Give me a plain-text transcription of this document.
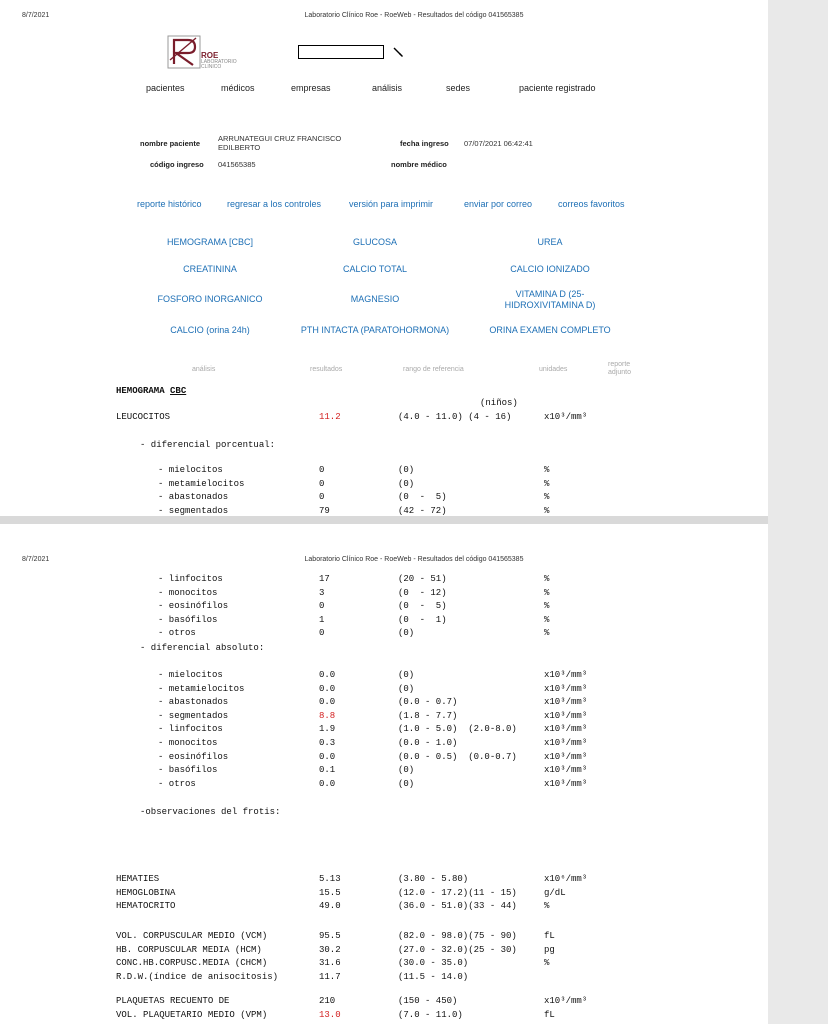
8/7/2021	Laboratorio Clínico Roe - RoeWeb - Resultados del código 041565385
ROE
LABORATORIO
CLINICO
pacientes	médicos	empresas	análisis	sedes	paciente registrado
nombre paciente
ARRUNATEGUI CRUZ FRANCISCO
EDILBERTO	fecha ingreso 07/07/2021 06:42:41
código ingreso 041565385	nombre médico
reporte histórico	regresar a los controles	versión para imprimir	enviar por correo	correos favoritos
HEMOGRAMA [CBC]	GLUCOSA	UREA
CREATININA	CALCIO TOTAL	CALCIO IONIZADO
FOSFORO INORGANICO	MAGNESIO	VITAMINA D (25-
HIDROXIVITAMINA D)
CALCIO (orina 24h)	PTH INTACTA (PARATOHORMONA)	ORINA EXAMEN COMPLETO
análisis	resultados	rango de referencia	unidades
reporte
adjunto
HEMOGRAMA CBC
(niños)
LEUCOCITOS	11.2	(4.0 - 11.0) (4 - 16)	x10³/mm³
- diferencial porcentual:
- mielocitos	0	(0)	%
- metamielocitos	0	(0)	%
- abastonados	0	(0  -  5)	%
- segmentados	79	(42 - 72)	%
8/7/2021	Laboratorio Clínico Roe - RoeWeb - Resultados del código 041565385
- linfocitos	17	(20 - 51)	%
- monocitos	3	(0  - 12)	%
- eosinófilos	0	(0  -  5)	%
- basófilos	1	(0  -  1)	%
- otros	0	(0)	%
- diferencial absoluto:
- mielocitos	0.0	(0)	x10³/mm³
- metamielocitos	0.0	(0)	x10³/mm³
- abastonados	0.0	(0.0 - 0.7)	x10³/mm³
- segmentados	8.8	(1.8 - 7.7)	x10³/mm³
- linfocitos	1.9	(1.0 - 5.0)  (2.0-8.0)	x10³/mm³
- monocitos	0.3	(0.0 - 1.0)	x10³/mm³
- eosinófilos	0.0	(0.0 - 0.5)  (0.0-0.7)	x10³/mm³
- basófilos	0.1	(0)	x10³/mm³
- otros	0.0	(0)	x10³/mm³
-observaciones del frotis:
HEMATIES	5.13	(3.80 - 5.80)	x10⁶/mm³
HEMOGLOBINA	15.5	(12.0 - 17.2)(11 - 15)	g/dL
HEMATOCRITO	49.0	(36.0 - 51.0)(33 - 44)	%
VOL. CORPUSCULAR MEDIO (VCM)	95.5	(82.0 - 98.0)(75 - 90)	fL
HB. CORPUSCULAR MEDIA (HCM)	30.2	(27.0 - 32.0)(25 - 30)	pg
CONC.HB.CORPUSC.MEDIA (CHCM)	31.6	(30.0 - 35.0)	%
R.D.W.(índice de anisocitosis)	11.7	(11.5 - 14.0)
PLAQUETAS RECUENTO DE	210	(150 - 450)	x10³/mm³
VOL. PLAQUETARIO MEDIO (VPM)	13.0	(7.0 - 11.0)	fL
